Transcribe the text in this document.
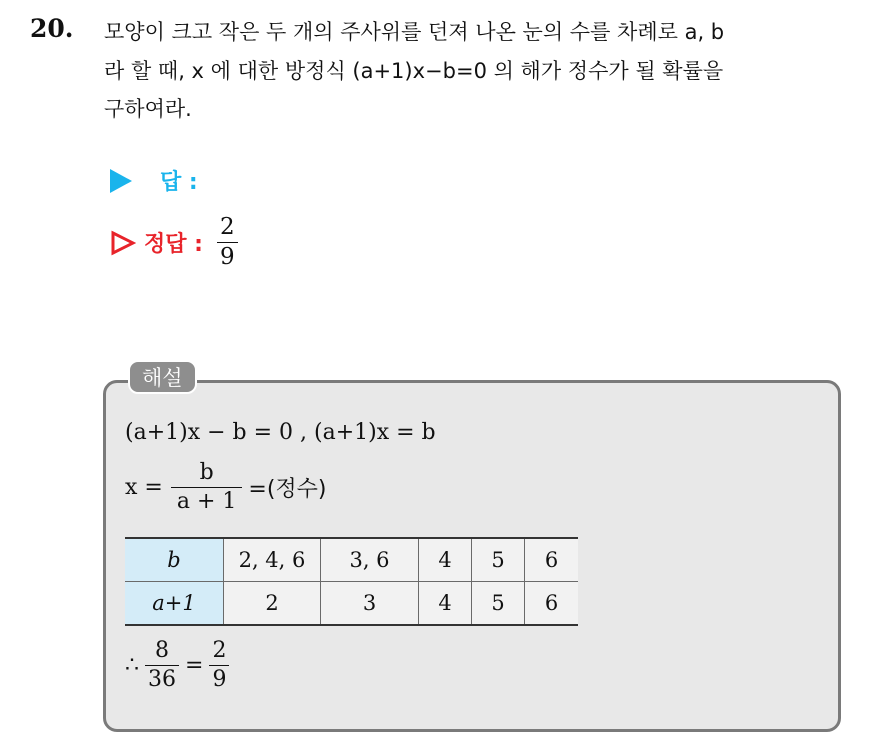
20. 모양이 크고 작은 두 개의 주사위를 던져 나온 눈의 수를 차례로 a, b
라 할 때, x 에 대한 방정식 (a+1)x−b=0 의 해가 정수가 될 확률을
구하여라.
답 :
정답 : $\frac{2}{9}$
해설
(a+1)x − b = 0 , (a+1)x = b
$x = \frac{b}{a + 1}$ =(정수)
b	2, 4, 6	3, 6	4	5	6
a+1	2	3	4	5	6
∴ $\frac{8}{36} = \frac{2}{9}$
